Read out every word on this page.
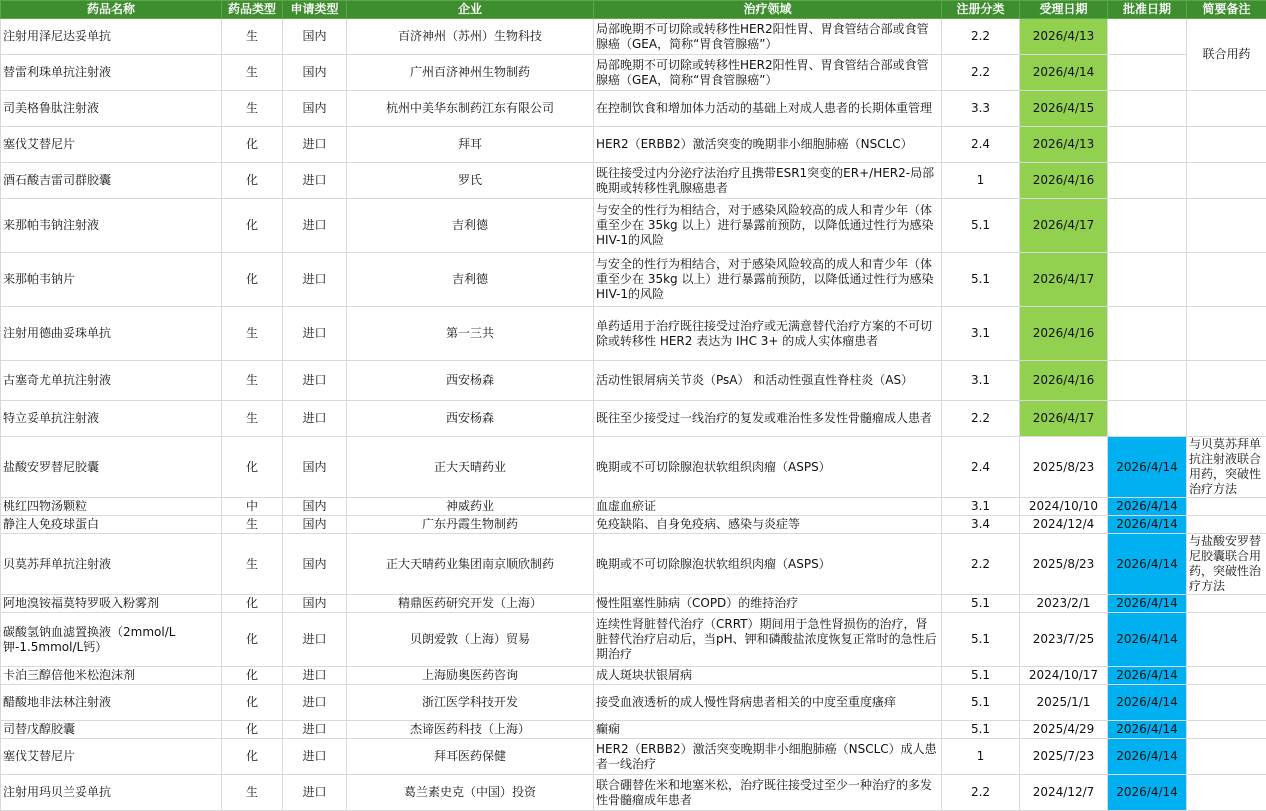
药品名称	药品类型	申请类型	企业	治疗领域	注册分类	受理日期	批准日期	简要备注
注射用泽尼达妥单抗	生	国内	百济神州（苏州）生物科技	局部晚期不可切除或转移性HER2阳性胃、胃食管结合部或食管腺癌（GEA，简称“胃食管腺癌”）	2.2	2026/4/13		联合用药
替雷利珠单抗注射液	生	国内	广州百济神州生物制药	局部晚期不可切除或转移性HER2阳性胃、胃食管结合部或食管腺癌（GEA，简称“胃食管腺癌”）	2.2	2026/4/14		
司美格鲁肽注射液	生	国内	杭州中美华东制药江东有限公司	在控制饮食和增加体力活动的基础上对成人患者的长期体重管理	3.3	2026/4/15		
塞伐艾替尼片	化	进口	拜耳	HER2（ERBB2）激活突变的晚期非小细胞肺癌（NSCLC）	2.4	2026/4/13		
酒石酸吉雷司群胶囊	化	进口	罗氏	既往接受过内分泌疗法治疗且携带ESR1突变的ER+/HER2-局部晚期或转移性乳腺癌患者	1	2026/4/16		
来那帕韦钠注射液	化	进口	吉利德	与安全的性行为相结合，对于感染风险较高的成人和青少年（体重至少在 35kg 以上）进行暴露前预防，以降低通过性行为感染 HIV-1的风险	5.1	2026/4/17		
来那帕韦钠片	化	进口	吉利德	与安全的性行为相结合，对于感染风险较高的成人和青少年（体重至少在 35kg 以上）进行暴露前预防，以降低通过性行为感染 HIV-1的风险	5.1	2026/4/17		
注射用德曲妥珠单抗	生	进口	第一三共	单药适用于治疗既往接受过治疗或无满意替代治疗方案的不可切除或转移性 HER2 表达为 IHC 3+ 的成人实体瘤患者	3.1	2026/4/16		
古塞奇尤单抗注射液	生	进口	西安杨森	活动性银屑病关节炎（PsA） 和活动性强直性脊柱炎（AS）	3.1	2026/4/16		
特立妥单抗注射液	生	进口	西安杨森	既往至少接受过一线治疗的复发或难治性多发性骨髓瘤成人患者	2.2	2026/4/17		
盐酸安罗替尼胶囊	化	国内	正大天晴药业	晚期或不可切除腺泡状软组织肉瘤（ASPS）	2.4	2025/8/23	2026/4/14	与贝莫苏拜单抗注射液联合用药，突破性治疗方法
桃红四物汤颗粒	中	国内	神威药业	血虚血瘀证	3.1	2024/10/10	2026/4/14	
静注人免疫球蛋白	生	国内	广东丹霞生物制药	免疫缺陷、自身免疫病、感染与炎症等	3.4	2024/12/4	2026/4/14	
贝莫苏拜单抗注射液	生	国内	正大天晴药业集团南京顺欣制药	晚期或不可切除腺泡状软组织肉瘤（ASPS）	2.2	2025/8/23	2026/4/14	与盐酸安罗替尼胶囊联合用药，突破性治疗方法
阿地溴铵福莫特罗吸入粉雾剂	化	国内	精鼎医药研究开发（上海）	慢性阻塞性肺病（COPD）的维持治疗	5.1	2023/2/1	2026/4/14	
碳酸氢钠血滤置换液（2mmol/L钾-1.5mmol/L钙）	化	进口	贝朗爱敦（上海）贸易	连续性肾脏替代治疗（CRRT）期间用于急性肾损伤的治疗，肾脏替代治疗启动后，当pH、钾和磷酸盐浓度恢复正常时的急性后期治疗	5.1	2023/7/25	2026/4/14	
卡泊三醇倍他米松泡沫剂	化	进口	上海励奥医药咨询	成人斑块状银屑病	5.1	2024/10/17	2026/4/14	
醋酸地非法林注射液	化	进口	浙江医学科技开发	接受血液透析的成人慢性肾病患者相关的中度至重度瘙痒	5.1	2025/1/1	2026/4/14	
司替戊醇胶囊	化	进口	杰谛医药科技（上海）	癫痫	5.1	2025/4/29	2026/4/14	
塞伐艾替尼片	化	进口	拜耳医药保健	HER2（ERBB2）激活突变晚期非小细胞肺癌（NSCLC）成人患者一线治疗	1	2025/7/23	2026/4/14	
注射用玛贝兰妥单抗	生	进口	葛兰素史克（中国）投资	联合硼替佐米和地塞米松，治疗既往接受过至少一种治疗的多发性骨髓瘤成年患者	2.2	2024/12/7	2026/4/14	
